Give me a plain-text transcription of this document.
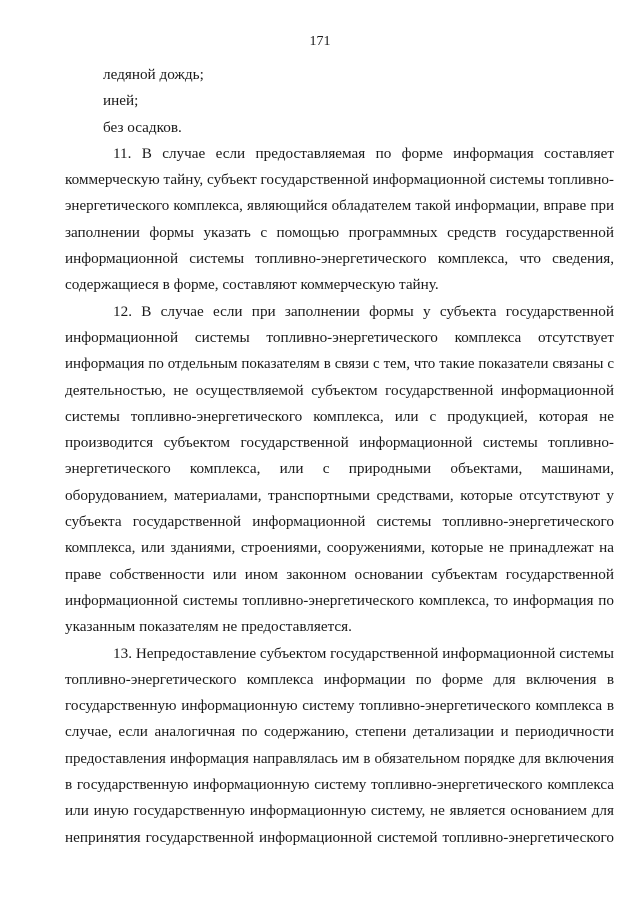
171
ледяной дождь;
иней;
без осадков.
11. В случае если предоставляемая по форме информация составляет
коммерческую тайну, субъект государственной информационной системы топливно-
энергетического комплекса, являющийся обладателем такой информации, вправе при
заполнении формы указать с помощью программных средств государственной
информационной системы топливно-энергетического комплекса, что сведения,
содержащиеся в форме, составляют коммерческую тайну.
12. В случае если при заполнении формы у субъекта государственной
информационной системы топливно-энергетического комплекса отсутствует
информация по отдельным показателям в связи с тем, что такие показатели связаны с
деятельностью, не осуществляемой субъектом государственной информационной
системы топливно-энергетического комплекса, или с продукцией, которая не
производится субъектом государственной информационной системы топливно-
энергетического комплекса, или с природными объектами, машинами,
оборудованием, материалами, транспортными средствами, которые отсутствуют у
субъекта государственной информационной системы топливно-энергетического
комплекса, или зданиями, строениями, сооружениями, которые не принадлежат на
праве собственности или ином законном основании субъектам государственной
информационной системы топливно-энергетического комплекса, то информация по
указанным показателям не предоставляется.
13. Непредоставление субъектом государственной информационной системы
топливно-энергетического комплекса информации по форме для включения в
государственную информационную систему топливно-энергетического комплекса в
случае, если аналогичная по содержанию, степени детализации и периодичности
предоставления информация направлялась им в обязательном порядке для включения
в государственную информационную систему топливно-энергетического комплекса
или иную государственную информационную систему, не является основанием для
непринятия государственной информационной системой топливно-энергетического
